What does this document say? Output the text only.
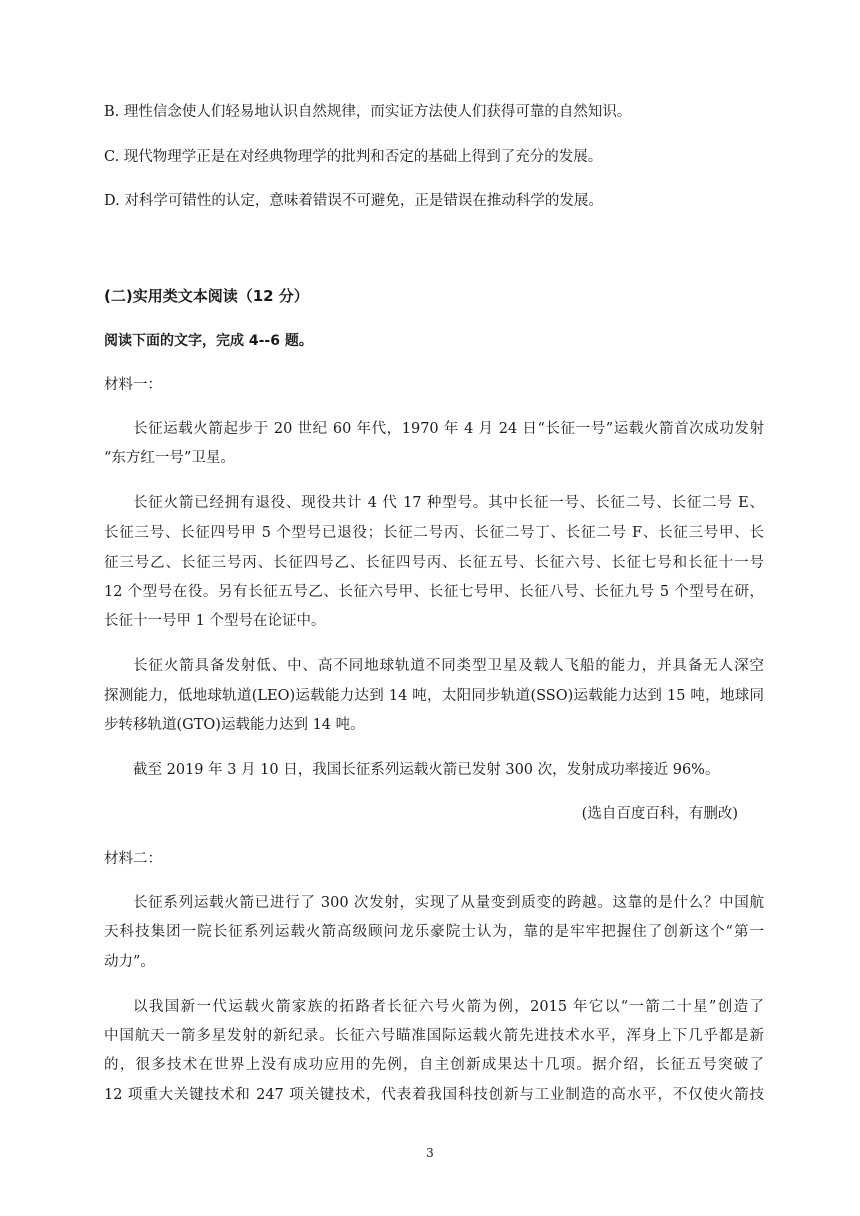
B. 理性信念使人们轻易地认识自然规律，而实证方法使人们获得可靠的自然知识。
C. 现代物理学正是在对经典物理学的批判和否定的基础上得到了充分的发展。
D. 对科学可错性的认定，意味着错误不可避免，正是错误在推动科学的发展。
(二)实用类文本阅读（12 分）
阅读下面的文字，完成 4--6 题。
材料一：
长征运载火箭起步于 20 世纪 60 年代，1970 年 4 月 24 日“长征一号”运载火箭首次成功发射
“东方红一号”卫星。
长征火箭已经拥有退役、现役共计 4 代 17 种型号。其中长征一号、长征二号、长征二号 E、
长征三号、长征四号甲 5 个型号已退役；长征二号丙、长征二号丁、长征二号 F、长征三号甲、长
征三号乙、长征三号丙、长征四号乙、长征四号丙、长征五号、长征六号、长征七号和长征十一号
12 个型号在役。另有长征五号乙、长征六号甲、长征七号甲、长征八号、长征九号 5 个型号在研，
长征十一号甲 1 个型号在论证中。
长征火箭具备发射低、中、高不同地球轨道不同类型卫星及载人飞船的能力，并具备无人深空
探测能力，低地球轨道(LEO)运载能力达到 14 吨，太阳同步轨道(SSO)运载能力达到 15 吨，地球同
步转移轨道(GTO)运载能力达到 14 吨。
截至 2019 年 3 月 10 日，我国长征系列运载火箭已发射 300 次，发射成功率接近 96%。
(选自百度百科，有删改)
材料二：
长征系列运载火箭已进行了 300 次发射，实现了从量变到质变的跨越。这靠的是什么？中国航
天科技集团一院长征系列运载火箭高级顾问龙乐豪院士认为，靠的是牢牢把握住了创新这个“第一
动力”。
以我国新一代运载火箭家族的拓路者长征六号火箭为例，2015 年它以“一箭二十星”创造了
中国航天一箭多星发射的新纪录。长征六号瞄准国际运载火箭先进技术水平，浑身上下几乎都是新
的，很多技术在世界上没有成功应用的先例，自主创新成果达十几项。据介绍，长征五号突破了
12 项重大关键技术和 247 项关键技术，代表着我国科技创新与工业制造的高水平，不仅使火箭技
3
